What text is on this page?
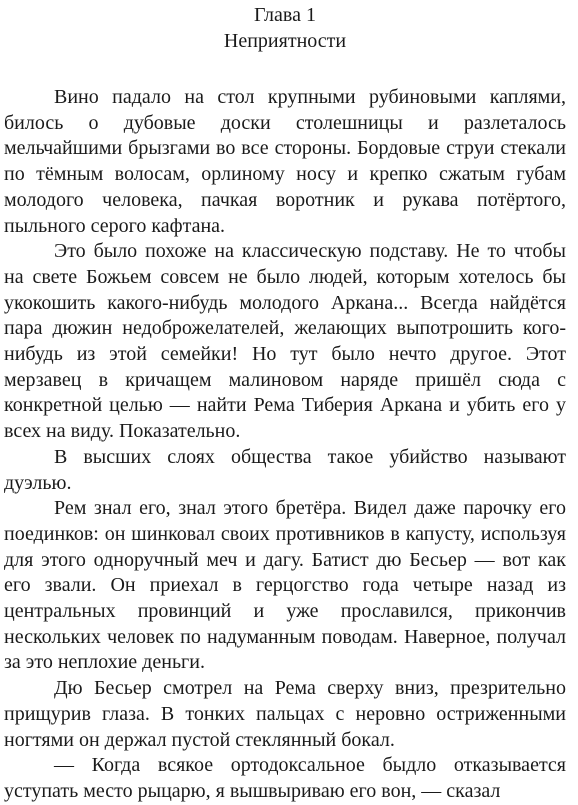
Глава 1
Неприятности

Вино падало на стол крупными рубиновыми каплями, билось о дубовые доски столешницы и разлеталось мельчайшими брызгами во все стороны. Бордовые струи стекали по тёмным волосам, орлиному носу и крепко сжатым губам молодого человека, пачкая воротник и рукава потёртого, пыльного серого кафтана.

Это было похоже на классическую подставу. Не то чтобы на свете Божьем совсем не было людей, которым хотелось бы укокошить какого-нибудь молодого Аркана... Всегда найдётся пара дюжин недоброжелателей, желающих выпотрошить кого-нибудь из этой семейки! Но тут было нечто другое. Этот мерзавец в кричащем малиновом наряде пришёл сюда с конкретной целью — найти Рема Тиберия Аркана и убить его у всех на виду. Показательно.

В высших слоях общества такое убийство называют дуэлью.

Рем знал его, знал этого бретёра. Видел даже парочку его поединков: он шинковал своих противников в капусту, используя для этого одноручный меч и дагу. Батист дю Бесьер — вот как его звали. Он приехал в герцогство года четыре назад из центральных провинций и уже прославился, прикончив нескольких человек по надуманным поводам. Наверное, получал за это неплохие деньги.

Дю Бесьер смотрел на Рема сверху вниз, презрительно прищурив глаза. В тонких пальцах с неровно остриженными ногтями он держал пустой стеклянный бокал.

— Когда всякое ортодоксальное быдло отказывается уступать место рыцарю, я вышвыриваю его вон, — сказал
